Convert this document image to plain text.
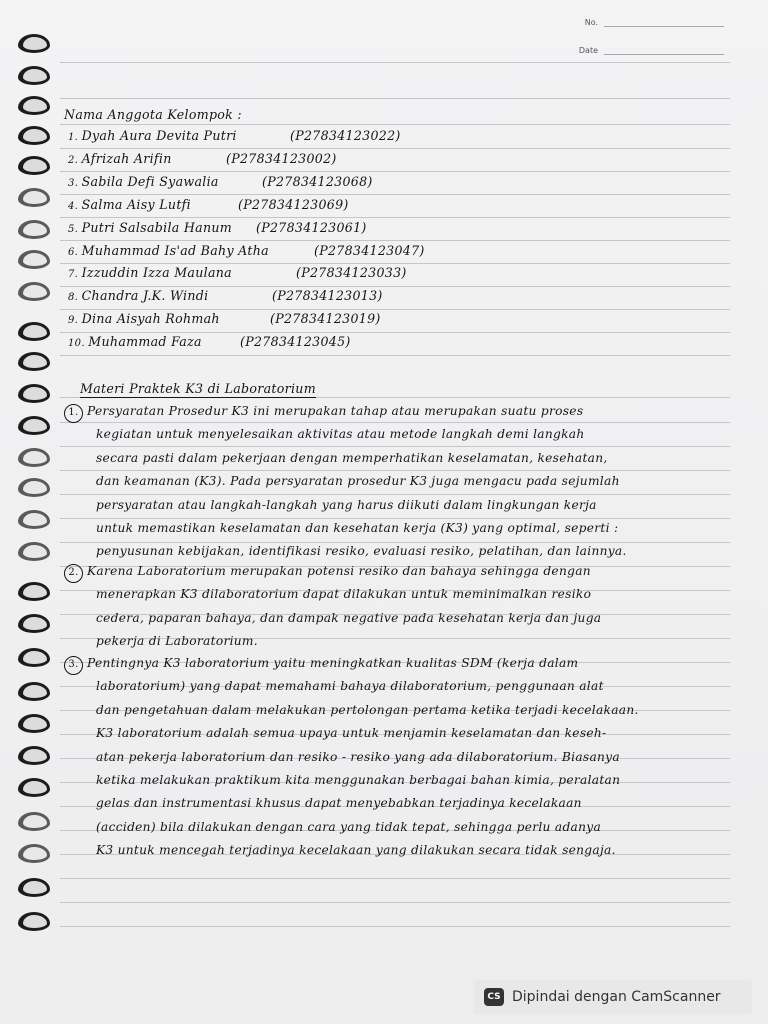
No.
Date
Nama Anggota Kelompok :
1. Dyah Aura Devita Putri	(P27834123022)
2. Afrizah Arifin	(P27834123002)
3. Sabila Defi Syawalia	(P27834123068)
4. Salma Aisy Lutfi	(P27834123069)
5. Putri Salsabila Hanum (P27834123061)
6. Muhammad Is'ad Bahy Atha	(P27834123047)
7. Izzuddin Izza Maulana	(P27834123033)
8. Chandra J.K. Windi	(P27834123013)
9. Dina Aisyah Rohmah	(P27834123019)
10. Muhammad Faza	(P27834123045)
Materi Praktek K3 di Laboratorium
1. Persyaratan Prosedur K3 ini merupakan tahap atau merupakan suatu proses
kegiatan untuk menyelesaikan aktivitas atau metode langkah demi langkah
secara pasti dalam pekerjaan dengan memperhatikan keselamatan, kesehatan,
dan keamanan (K3). Pada persyaratan prosedur K3 juga mengacu pada sejumlah
persyaratan atau langkah-langkah yang harus diikuti dalam lingkungan kerja
untuk memastikan keselamatan dan kesehatan kerja (K3) yang optimal, seperti :
penyusunan kebijakan, identifikasi resiko, evaluasi resiko, pelatihan, dan lainnya.
2. Karena Laboratorium merupakan potensi resiko dan bahaya sehingga dengan
menerapkan K3 dilaboratorium dapat dilakukan untuk meminimalkan resiko
cedera, paparan bahaya, dan dampak negative pada kesehatan kerja dan juga
pekerja di Laboratorium.
3. Pentingnya K3 laboratorium yaitu meningkatkan kualitas SDM (kerja dalam
laboratorium) yang dapat memahami bahaya dilaboratorium, penggunaan alat
dan pengetahuan dalam melakukan pertolongan pertama ketika terjadi kecelakaan.
K3 laboratorium adalah semua upaya untuk menjamin keselamatan dan keseh-
atan pekerja laboratorium dan resiko - resiko yang ada dilaboratorium. Biasanya
ketika melakukan praktikum kita menggunakan berbagai bahan kimia, peralatan
gelas dan instrumentasi khusus dapat menyebabkan terjadinya kecelakaan
(acciden) bila dilakukan dengan cara yang tidak tepat, sehingga perlu adanya
K3 untuk mencegah terjadinya kecelakaan yang dilakukan secara tidak sengaja.
CS Dipindai dengan CamScanner
